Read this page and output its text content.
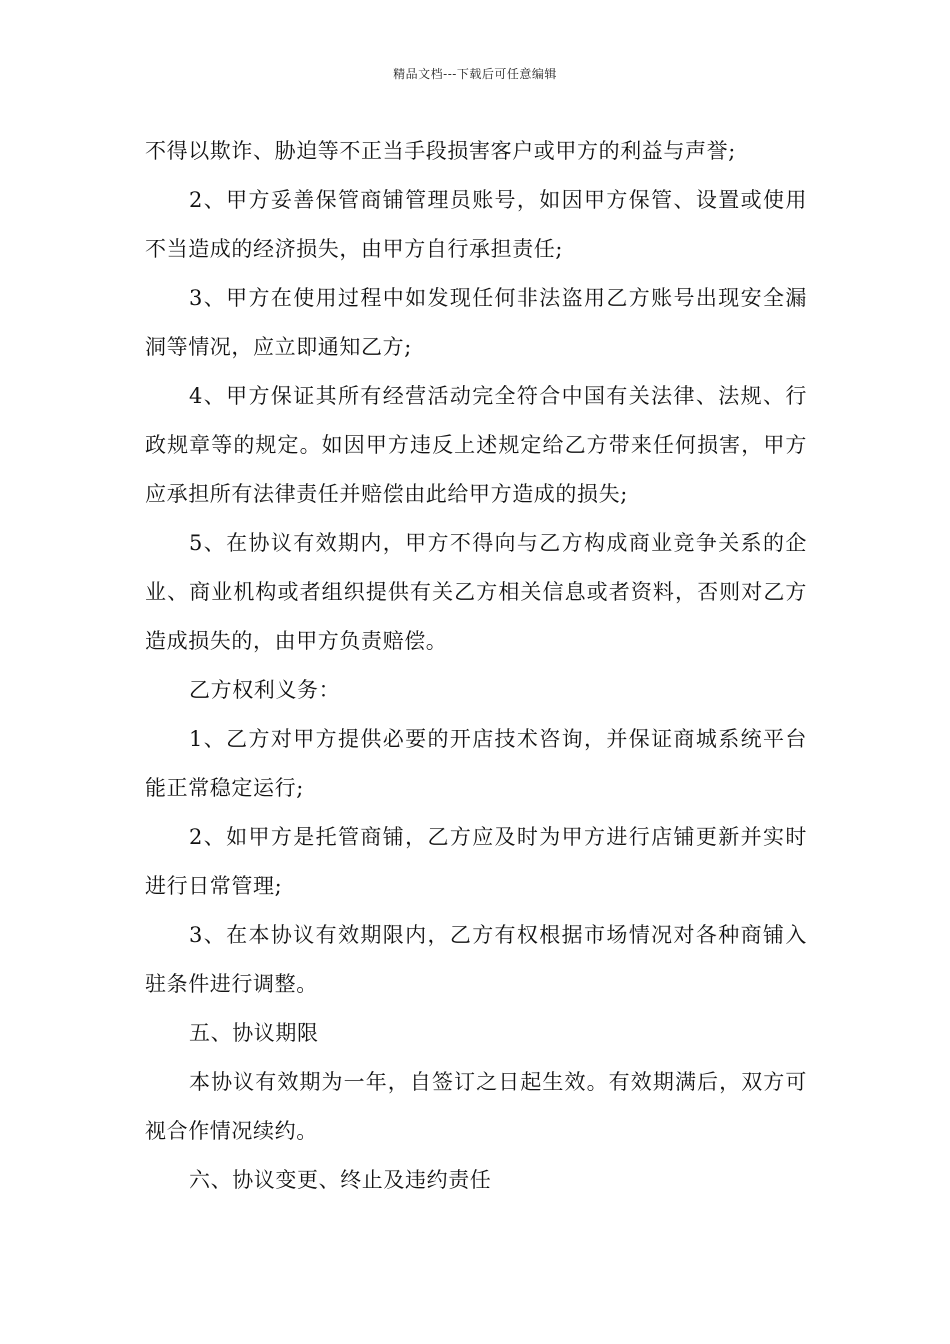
精品文档---下载后可任意编辑

不得以欺诈、胁迫等不正当手段损害客户或甲方的利益与声誉;

2、甲方妥善保管商铺管理员账号，如因甲方保管、设置或使用不当造成的经济损失，由甲方自行承担责任;

3、甲方在使用过程中如发现任何非法盗用乙方账号出现安全漏洞等情况，应立即通知乙方;

4、甲方保证其所有经营活动完全符合中国有关法律、法规、行政规章等的规定。如因甲方违反上述规定给乙方带来任何损害，甲方应承担所有法律责任并赔偿由此给甲方造成的损失;

5、在协议有效期内，甲方不得向与乙方构成商业竞争关系的企业、商业机构或者组织提供有关乙方相关信息或者资料，否则对乙方造成损失的，由甲方负责赔偿。

乙方权利义务：

1、乙方对甲方提供必要的开店技术咨询，并保证商城系统平台能正常稳定运行;

2、如甲方是托管商铺，乙方应及时为甲方进行店铺更新并实时进行日常管理;

3、在本协议有效期限内，乙方有权根据市场情况对各种商铺入驻条件进行调整。

五、协议期限

本协议有效期为一年，自签订之日起生效。有效期满后，双方可视合作情况续约。

六、协议变更、终止及违约责任
